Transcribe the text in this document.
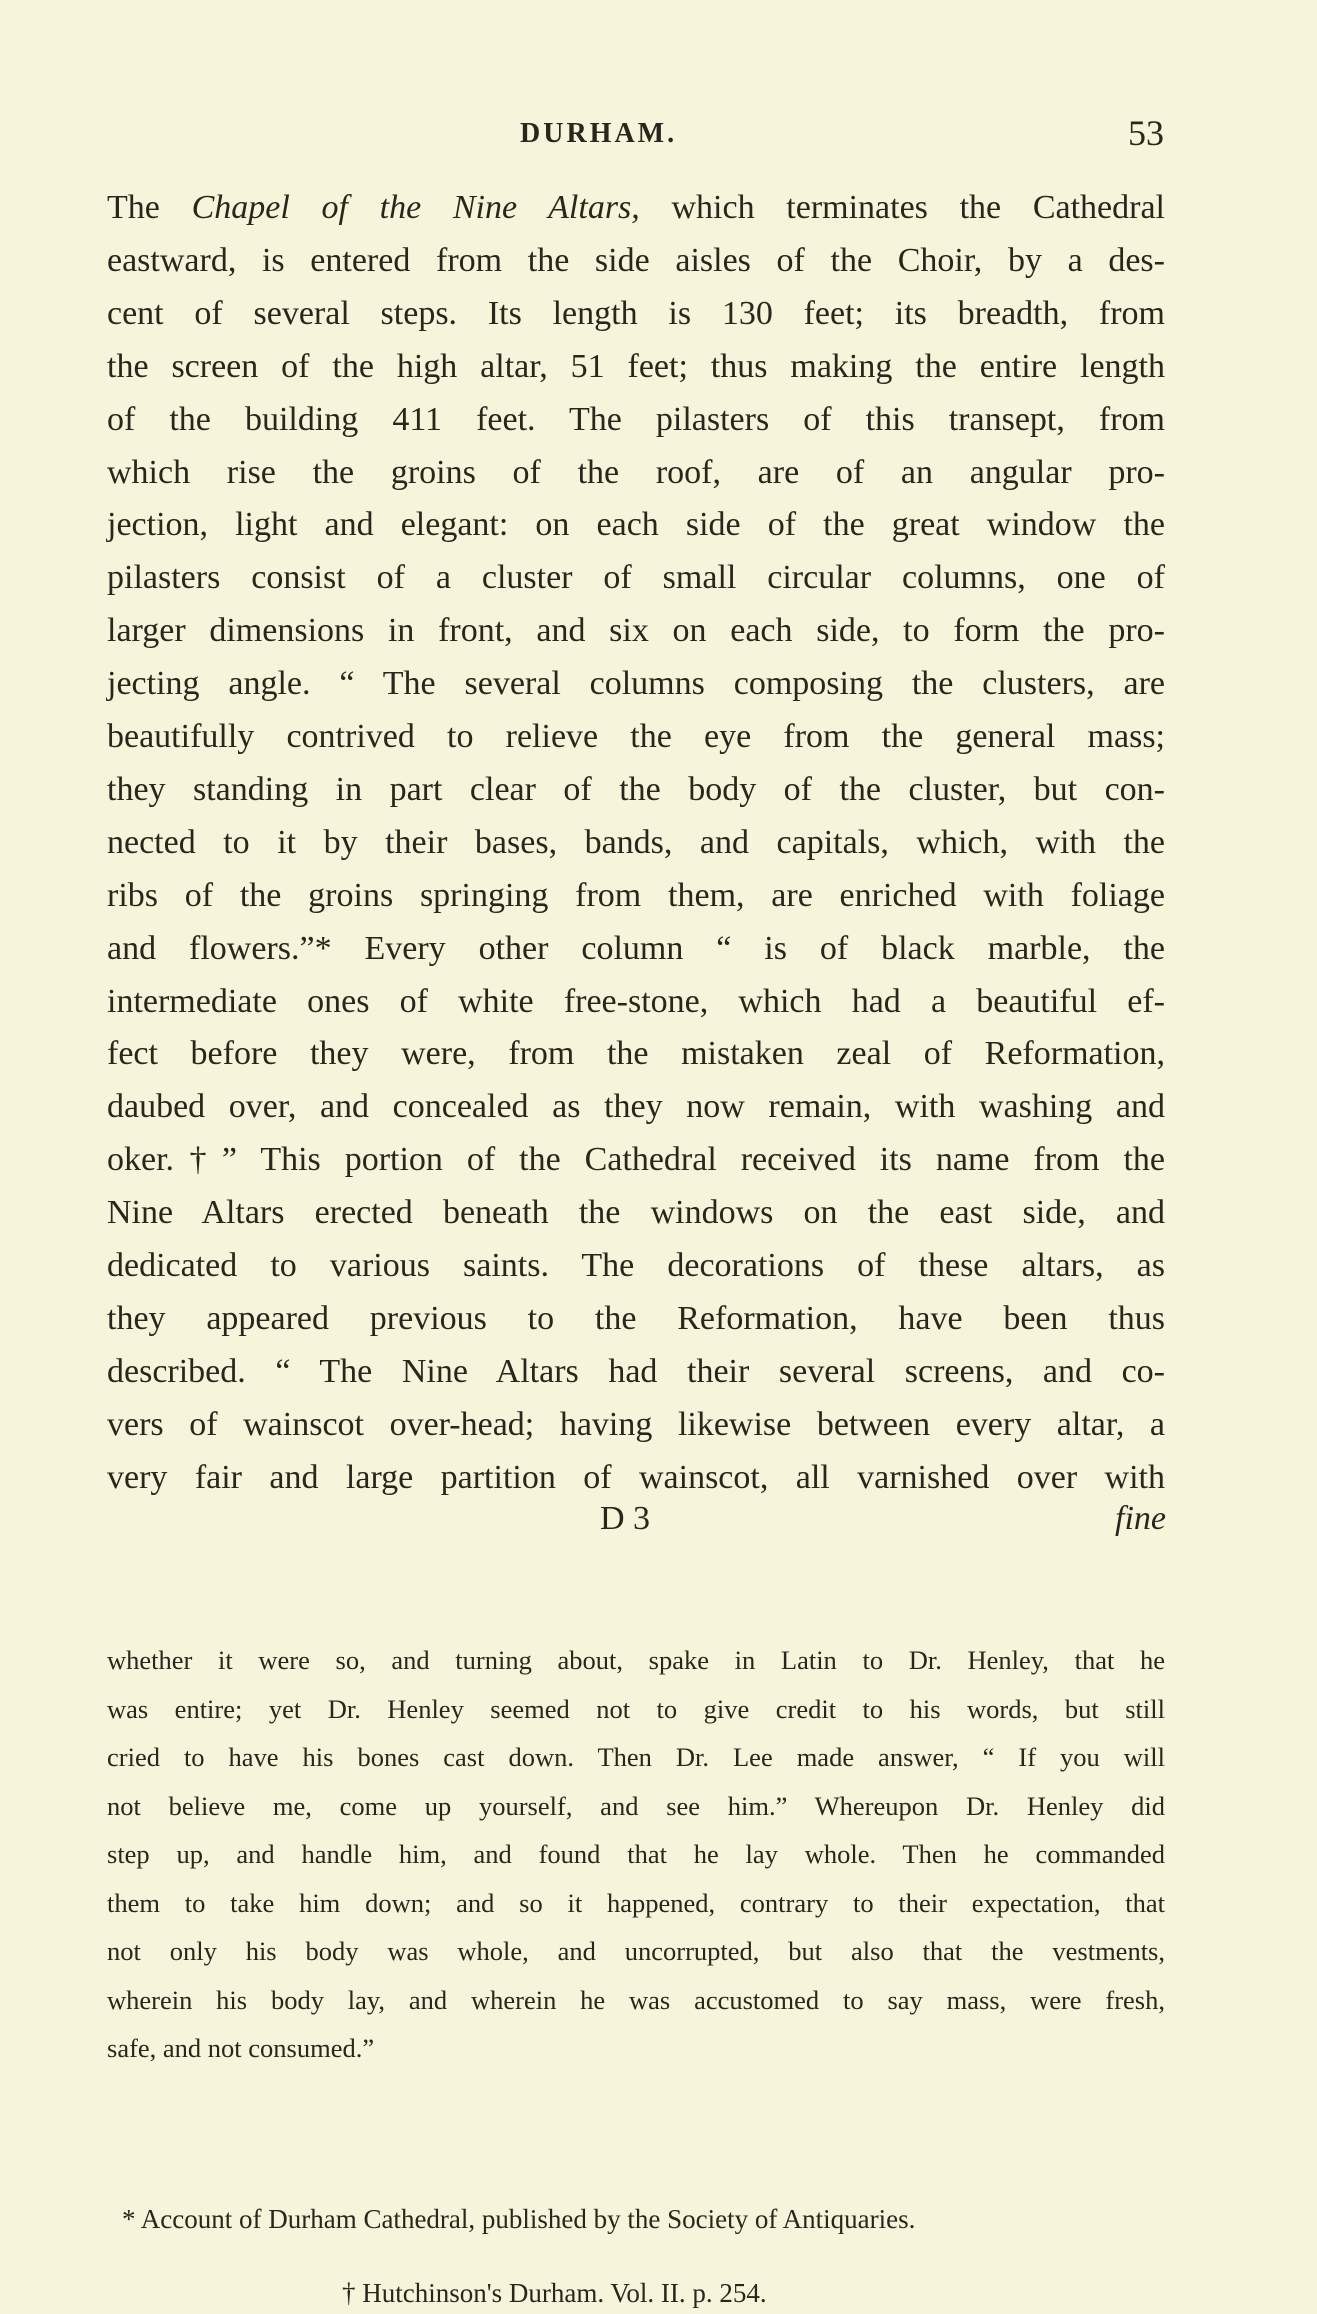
DURHAM.	53
The Chapel of the Nine Altars, which terminates the Cathedral
eastward, is entered from the side aisles of the Choir, by a des-
cent of several steps. Its length is 130 feet; its breadth, from
the screen of the high altar, 51 feet; thus making the entire length
of the building 411 feet. The pilasters of this transept, from
which rise the groins of the roof, are of an angular pro-
jection, light and elegant: on each side of the great window the
pilasters consist of a cluster of small circular columns, one of
larger dimensions in front, and six on each side, to form the pro-
jecting angle. “ The several columns composing the clusters, are
beautifully contrived to relieve the eye from the general mass;
they standing in part clear of the body of the cluster, but con-
nected to it by their bases, bands, and capitals, which, with the
ribs of the groins springing from them, are enriched with foliage
and flowers.”* Every other column “ is of black marble, the
intermediate ones of white free-stone, which had a beautiful ef-
fect before they were, from the mistaken zeal of Reformation,
daubed over, and concealed as they now remain, with washing and
oker.†” This portion of the Cathedral received its name from the
Nine Altars erected beneath the windows on the east side, and
dedicated to various saints. The decorations of these altars, as
they appeared previous to the Reformation, have been thus
described. “ The Nine Altars had their several screens, and co-
vers of wainscot over-head; having likewise between every altar, a
very fair and large partition of wainscot, all varnished over with
D 3	fine
whether it were so, and turning about, spake in Latin to Dr. Henley, that he
was entire; yet Dr. Henley seemed not to give credit to his words, but still
cried to have his bones cast down. Then Dr. Lee made answer, “ If you will
not believe me, come up yourself, and see him.” Whereupon Dr. Henley did
step up, and handle him, and found that he lay whole. Then he commanded
them to take him down; and so it happened, contrary to their expectation, that
not only his body was whole, and uncorrupted, but also that the vestments,
wherein his body lay, and wherein he was accustomed to say mass, were fresh,
safe, and not consumed.”
* Account of Durham Cathedral, published by the Society of Antiquaries.
† Hutchinson's Durham. Vol. II. p. 254.
